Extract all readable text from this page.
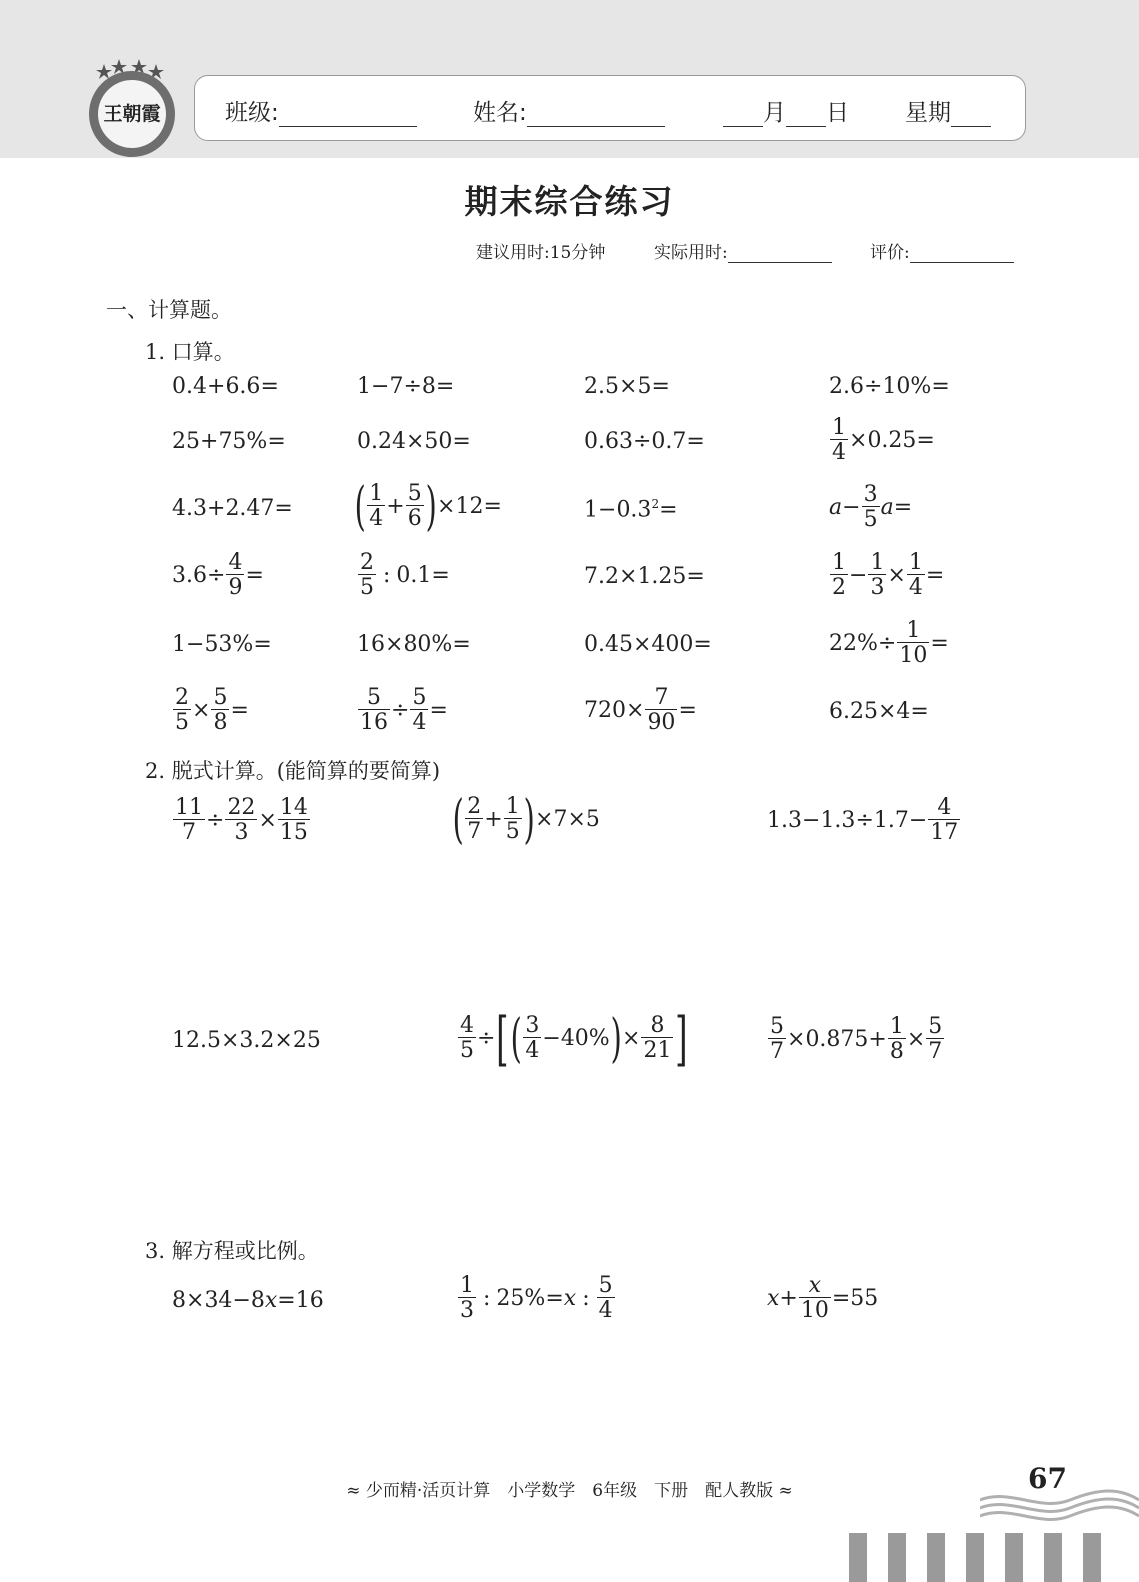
王朝霞	班级:	姓名:	月 日 星期
期末综合练习
建议用时:15分钟	实际用时:	评价:
一、计算题。
1. 口算。
0.4+6.6=	1−7÷8=	2.5×5=	2.6÷10%=
25+75%=	0.24×50=	0.63÷0.7=	$\frac{1}{4} \times 0.25=$
4.3+2.47= ( $\frac{1}{4} + \frac{5}{6} )\times 12=$	$1-0.3^2=$	$a- \frac{3}{5} a=$
$3.6\div \frac{4}{9}$ =	$\frac{2}{5}$ : 0.1=	7.2×1.25=	$\frac{1}{2} - \frac{1}{3} \times \frac{1}{4}$ =
1−53%=	16×80%=	0.45×400=	$22\%\div \frac{1}{10}$ =
$\frac{2}{5} \times \frac{5}{8}$ =	$\frac{5}{16} \div \frac{5}{4}$ =	$720\times \frac{7}{90}$ =	6.25×4=
2. 脱式计算。(能简算的要简算)
$\frac{11}{7} \div \frac{22}{3} \times \frac{14}{15}$	( $\frac{2}{7} + \frac{1}{5} )\times 7\times 5$	$1.3-1.3\div 1.7- \frac{4}{17}$
12.5×3.2×25	$\frac{4}{5}$ ÷[( $\frac{3}{4} -40\%)\times \frac{8}{21}$ ]	$\frac{5}{7} \times 0.875+ \frac{1}{8} \times \frac{5}{7}$
3. 解方程或比例。
8×34−8x=16	$\frac{1}{3}$ : 25%=x : $\frac{5}{4}$	$x+ \frac{x}{10} =55$
≈ 少而精·活页计算　小学数学　6年级　下册　配人教版 ≈	67
